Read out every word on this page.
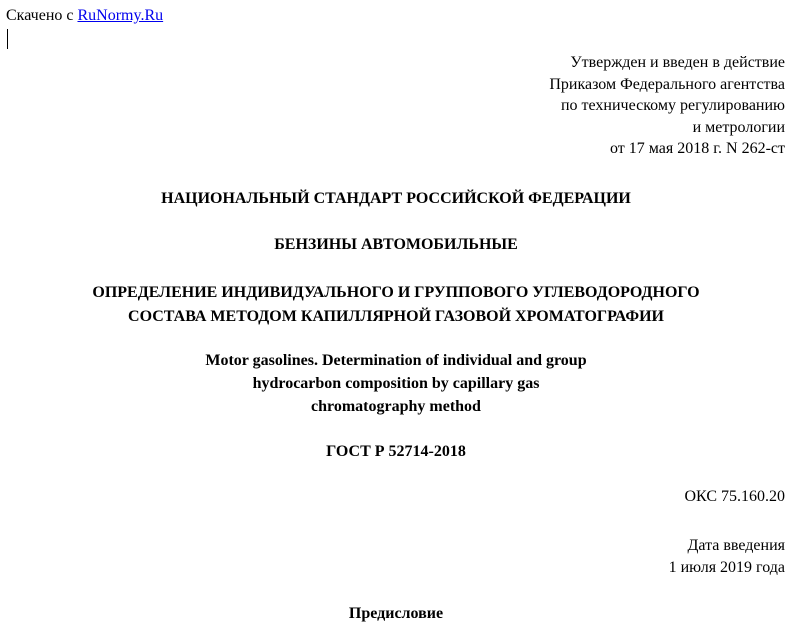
Скачено с RuNormy.Ru
Утвержден и введен в действие
Приказом Федерального агентства
по техническому регулированию
и метрологии
от 17 мая 2018 г. N 262-ст
НАЦИОНАЛЬНЫЙ СТАНДАРТ РОССИЙСКОЙ ФЕДЕРАЦИИ
БЕНЗИНЫ АВТОМОБИЛЬНЫЕ
ОПРЕДЕЛЕНИЕ ИНДИВИДУАЛЬНОГО И ГРУППОВОГО УГЛЕВОДОРОДНОГО
СОСТАВА МЕТОДОМ КАПИЛЛЯРНОЙ ГАЗОВОЙ ХРОМАТОГРАФИИ
Motor gasolines. Determination of individual and group
hydrocarbon composition by capillary gas
chromatography method
ГОСТ Р 52714-2018
ОКС 75.160.20
Дата введения
1 июля 2019 года
Предисловие
